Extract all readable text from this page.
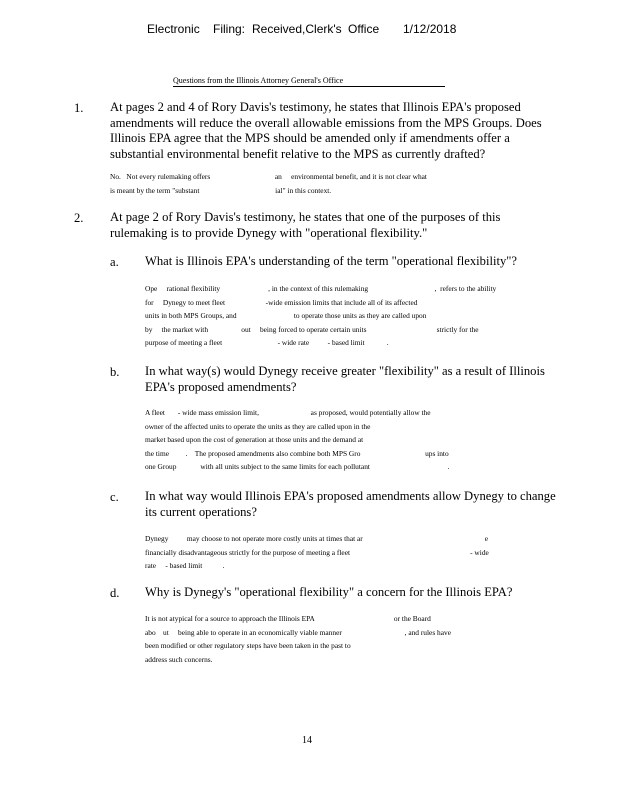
Electronic Filing: Received,Clerk's Office 1/12/2018
Questions from the Illinois Attorney General's Office
1. At pages 2 and 4 of Rory Davis's testimony, he states that Illinois EPA's proposed
amendments will reduce the overall allowable emissions from the MPS Groups. Does
Illinois EPA agree that the MPS should be amended only if amendments offer a
substantial environmental benefit relative to the MPS as currently drafted?
No.   Not every rulemaking offers                                   an     environmental benefit, and it is not clear what
is meant by the term "substant                                         ial" in this context.
2. At page 2 of Rory Davis's testimony, he states that one of the purposes of this
rulemaking is to provide Dynegy with "operational flexibility."
a. What is Illinois EPA's understanding of the term "operational flexibility"?
Ope     rational flexibility                          , in the context of this rulemaking                                    ,  refers to the ability
for     Dynegy to meet fleet                      -wide emission limits that include all of its affected
units in both MPS Groups, and                               to operate those units as they are called upon
by     the market with                  out     being forced to operate certain units                                      strictly for the
purpose of meeting a fleet                              - wide rate          - based limit            .
b. In what way(s) would Dynegy receive greater "flexibility" as a result of Illinois
EPA's proposed amendments?
A fleet       - wide mass emission limit,                            as proposed, would potentially allow the
owner of the affected units to operate the units as they are called upon in the
market based upon the cost of generation at those units and the demand at
the time         .    The proposed amendments also combine both MPS Gro                                   ups into
one Group             with all units subject to the same limits for each pollutant                                          .
c. In what way would Illinois EPA's proposed amendments allow Dynegy to change
its current operations?
Dynegy          may choose to not operate more costly units at times that ar                                                                  e
financially disadvantageous strictly for the purpose of meeting a fleet                                                                 - wide
rate     - based limit           .
d. Why is Dynegy's "operational flexibility" a concern for the Illinois EPA?
It is not atypical for a source to approach the Illinois EPA                                           or the Board
abo    ut     being able to operate in an economically viable manner                                  , and rules have
been modified or other regulatory steps have been taken in the past to
address such concerns.
14
